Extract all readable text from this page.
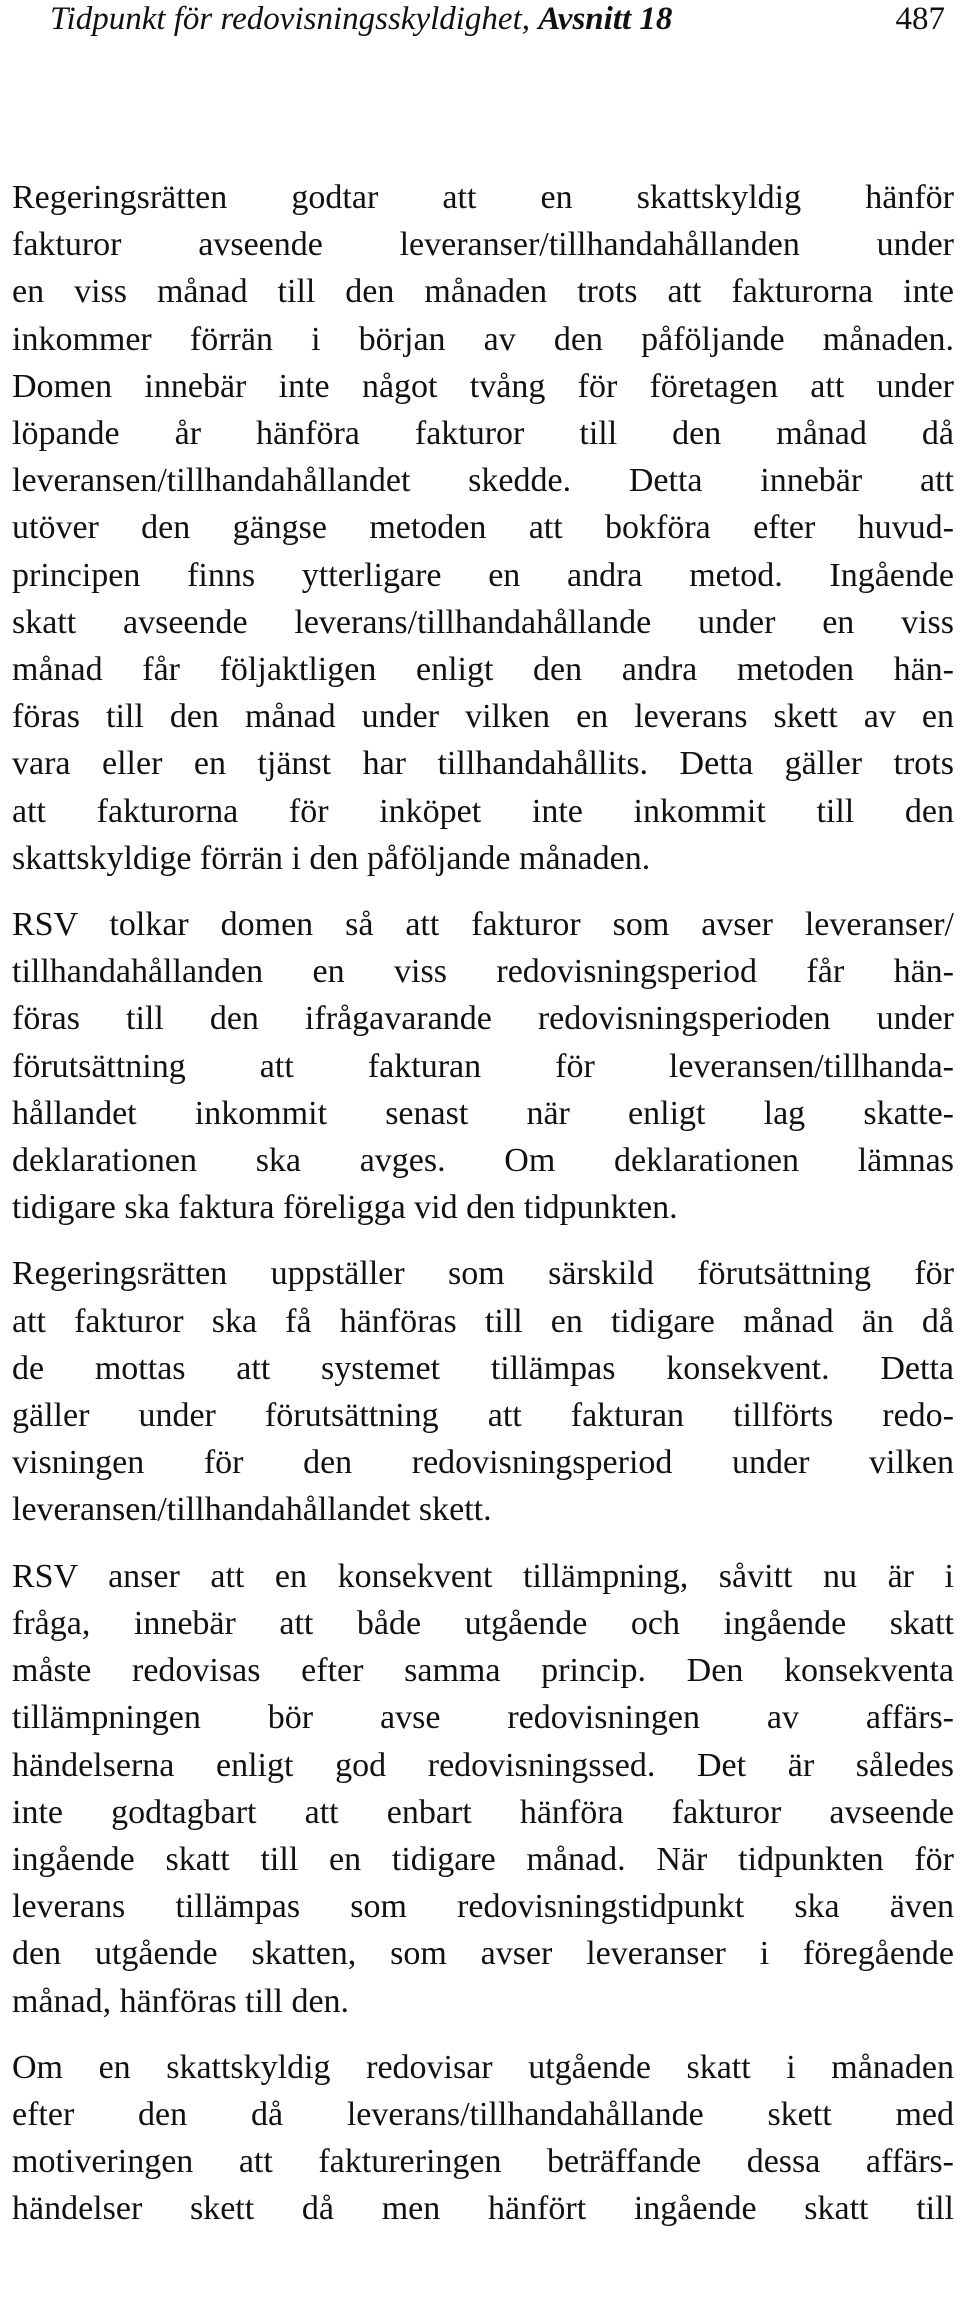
Tidpunkt för redovisningsskyldighet, Avsnitt 18	487

Regeringsrätten godtar att en skattskyldig hänför
fakturor avseende leveranser/tillhandahållanden under
en viss månad till den månaden trots att fakturorna inte
inkommer förrän i början av den påföljande månaden.
Domen innebär inte något tvång för företagen att under
löpande år hänföra fakturor till den månad då
leveransen/tillhandahållandet skedde. Detta innebär att
utöver den gängse metoden att bokföra efter huvud-
principen finns ytterligare en andra metod. Ingående
skatt avseende leverans/tillhandahållande under en viss
månad får följaktligen enligt den andra metoden hän-
föras till den månad under vilken en leverans skett av en
vara eller en tjänst har tillhandahållits. Detta gäller trots
att fakturorna för inköpet inte inkommit till den
skattskyldige förrän i den påföljande månaden.

RSV tolkar domen så att fakturor som avser leveranser/
tillhandahållanden en viss redovisningsperiod får hän-
föras till den ifrågavarande redovisningsperioden under
förutsättning att fakturan för leveransen/tillhanda-
hållandet inkommit senast när enligt lag skatte-
deklarationen ska avges. Om deklarationen lämnas
tidigare ska faktura föreligga vid den tidpunkten.

Regeringsrätten uppställer som särskild förutsättning för
att fakturor ska få hänföras till en tidigare månad än då
de mottas att systemet tillämpas konsekvent. Detta
gäller under förutsättning att fakturan tillförts redo-
visningen för den redovisningsperiod under vilken
leveransen/tillhandahållandet skett.

RSV anser att en konsekvent tillämpning, såvitt nu är i
fråga, innebär att både utgående och ingående skatt
måste redovisas efter samma princip. Den konsekventa
tillämpningen bör avse redovisningen av affärs-
händelserna enligt god redovisningssed. Det är således
inte godtagbart att enbart hänföra fakturor avseende
ingående skatt till en tidigare månad. När tidpunkten för
leverans tillämpas som redovisningstidpunkt ska även
den utgående skatten, som avser leveranser i föregående
månad, hänföras till den.

Om en skattskyldig redovisar utgående skatt i månaden
efter den då leverans/tillhandahållande skett med
motiveringen att faktureringen beträffande dessa affärs-
händelser skett då men hänfört ingående skatt till
